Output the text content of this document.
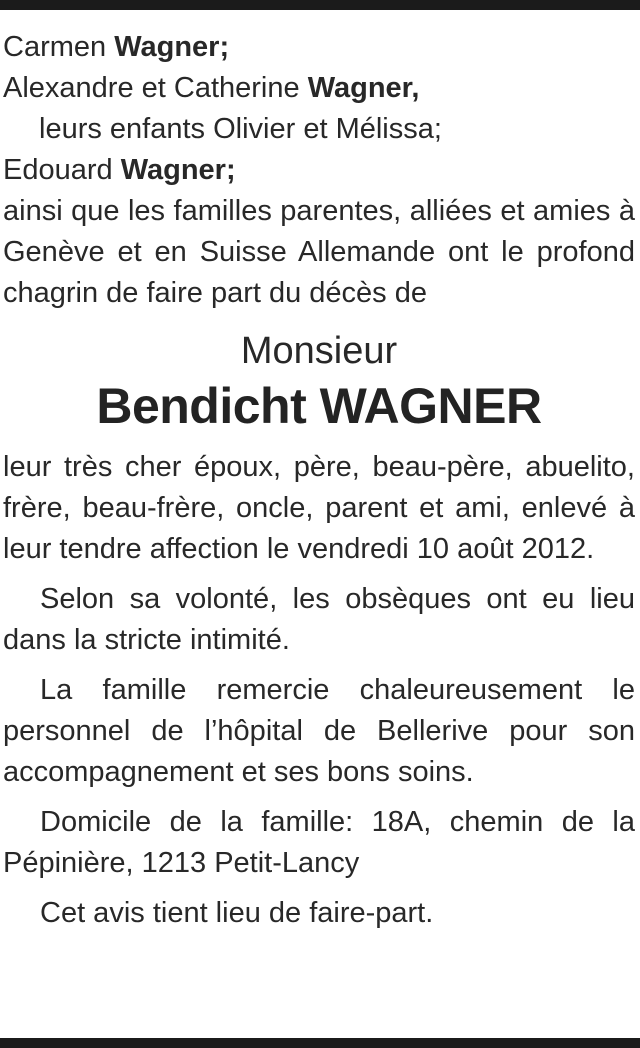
Carmen Wagner;
Alexandre et Catherine Wagner,
leurs enfants Olivier et Mélissa;
Edouard Wagner;

ainsi que les familles parentes, alliées et amies à Genève et en Suisse Allemande ont le profond chagrin de faire part du décès de

Monsieur
Bendicht WAGNER

leur très cher époux, père, beau-père, abuelito, frère, beau-frère, oncle, parent et ami, enlevé à leur tendre affection le vendredi 10 août 2012.

Selon sa volonté, les obsèques ont eu lieu dans la stricte intimité.

La famille remercie chaleureusement le personnel de l’hôpital de Bellerive pour son accompagnement et ses bons soins.

Domicile de la famille: 18A, chemin de la Pépinière, 1213 Petit-Lancy

Cet avis tient lieu de faire-part.
